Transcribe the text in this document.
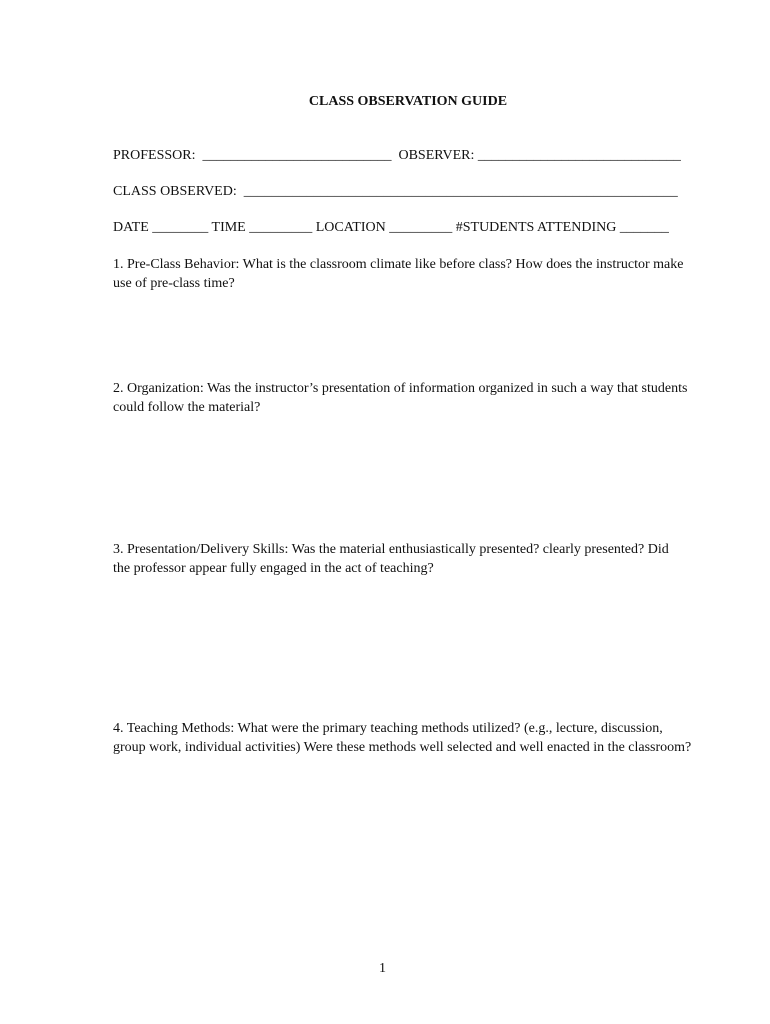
CLASS OBSERVATION GUIDE
PROFESSOR:  ___________________________  OBSERVER: _____________________________
CLASS OBSERVED:  ______________________________________________________________
DATE ________ TIME _________ LOCATION _________ #STUDENTS ATTENDING _______
1. Pre-Class Behavior: What is the classroom climate like before class? How does the instructor make
use of pre-class time?
2. Organization: Was the instructor’s presentation of information organized in such a way that students
could follow the material?
3. Presentation/Delivery Skills: Was the material enthusiastically presented? clearly presented? Did
the professor appear fully engaged in the act of teaching?
4. Teaching Methods: What were the primary teaching methods utilized? (e.g., lecture, discussion,
group work, individual activities) Were these methods well selected and well enacted in the classroom?
1
